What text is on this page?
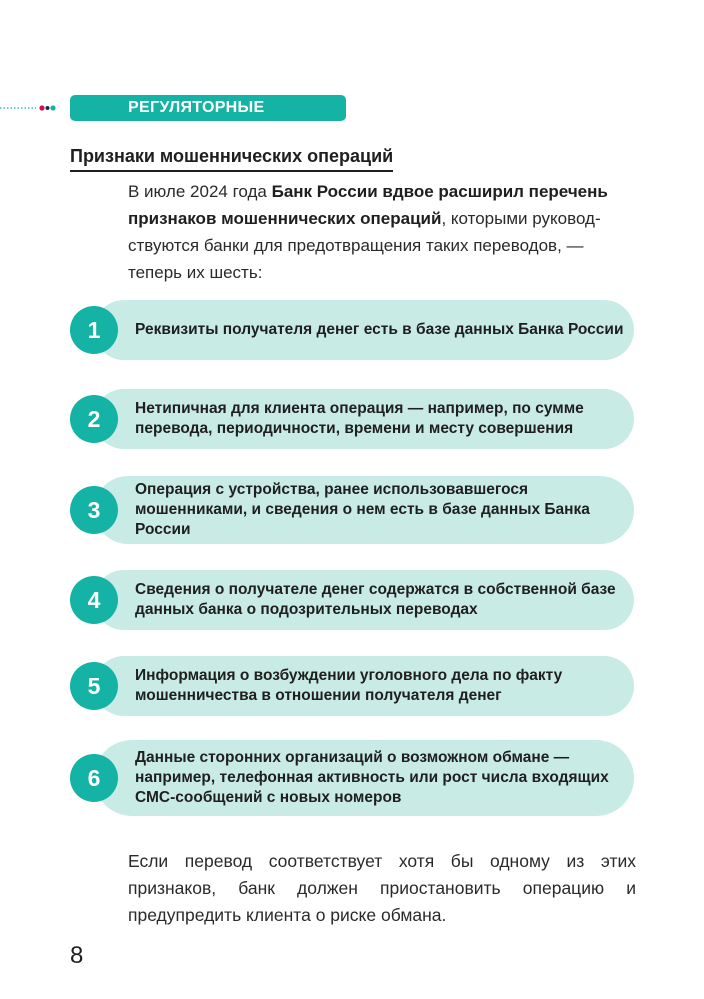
РЕГУЛЯТОРНЫЕ
Признаки мошеннических операций

В июле 2024 года Банк России вдвое расширил перечень признаков мошеннических операций, которыми руководствуются банки для предотвращения таких переводов, — теперь их шесть:

1	Реквизиты получателя денег есть в базе данных Банка России
2	Нетипичная для клиента операция — например, по сумме перевода, периодичности, времени и месту совершения
3
Операция с устройства, ранее использовавшегося мошенниками, и сведения о нем есть в базе данных Банка России
4	Сведения о получателе денег содержатся в собственной базе данных банка о подозрительных переводах
5	Информация о возбуждении уголовного дела по факту мошенничества в отношении получателя денег
6
Данные сторонних организаций о возможном обмане — например, телефонная активность или рост числа входящих СМС-сообщений с новых номеров

Если перевод соответствует хотя бы одному из этих признаков, банк должен приостановить операцию и предупредить клиента о риске обмана.

8
